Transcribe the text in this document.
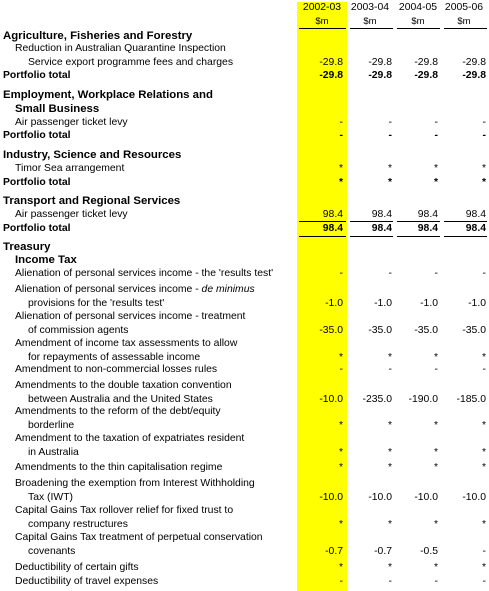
2002-03 2003-04 2004-05 2005-06
$m	$m	$m	$m
Agriculture, Fisheries and Forestry
Reduction in Australian Quarantine Inspection
Service export programme fees and charges	-29.8	-29.8	-29.8	-29.8
Portfolio total	-29.8	-29.8	-29.8	-29.8
Employment, Workplace Relations and
Small Business
Air passenger ticket levy	-	-	-	-
Portfolio total	-	-	-	-
Industry, Science and Resources
Timor Sea arrangement	*	*	*	*
Portfolio total	*	*	*	*
Transport and Regional Services
Air passenger ticket levy	98.4	98.4	98.4	98.4
Portfolio total	98.4	98.4	98.4	98.4
Treasury
Income Tax
Alienation of personal services income - the 'results test'	-	-	-	-
Alienation of personal services income - de minimus
provisions for the 'results test'	-1.0	-1.0	-1.0	-1.0
Alienation of personal services income - treatment
of commission agents	-35.0	-35.0	-35.0	-35.0
Amendment of income tax assessments to allow
for repayments of assessable income	*	*	*	*
Amendment to non-commercial losses rules	-	-	-	-
Amendments to the double taxation convention
between Australia and the United States	-10.0	-235.0	-190.0	-185.0
Amendments to the reform of the debt/equity
borderline	*	*	*	*
Amendment to the taxation of expatriates resident
in Australia	*	*	*	*
Amendments to the thin capitalisation regime	*	*	*	*
Broadening the exemption from Interest Withholding
Tax (IWT)	-10.0	-10.0	-10.0	-10.0
Capital Gains Tax rollover relief for fixed trust to
company restructures	*	*	*	*
Capital Gains Tax treatment of perpetual conservation
covenants	-0.7	-0.7	-0.5	-
Deductibility of certain gifts	*	*	*	*
Deductibility of travel expenses	-	-	-	-
